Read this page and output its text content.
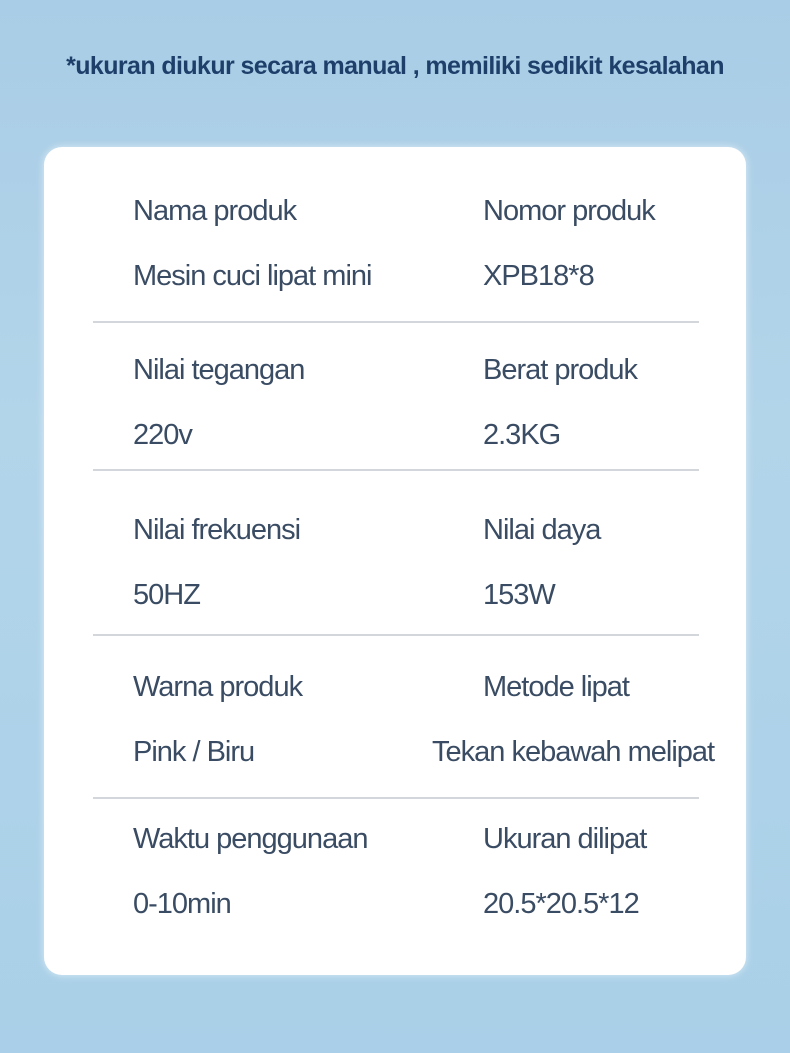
*ukuran diukur secara manual , memiliki sedikit kesalahan
Nama produk	Nomor produk
Mesin cuci lipat mini	XPB18*8
Nilai tegangan	Berat produk
220v	2.3KG
Nilai frekuensi	Nilai daya
50HZ	153W
Warna produk	Metode lipat
Pink / Biru	Tekan kebawah melipat
Waktu penggunaan	Ukuran dilipat
0-10min	20.5*20.5*12
